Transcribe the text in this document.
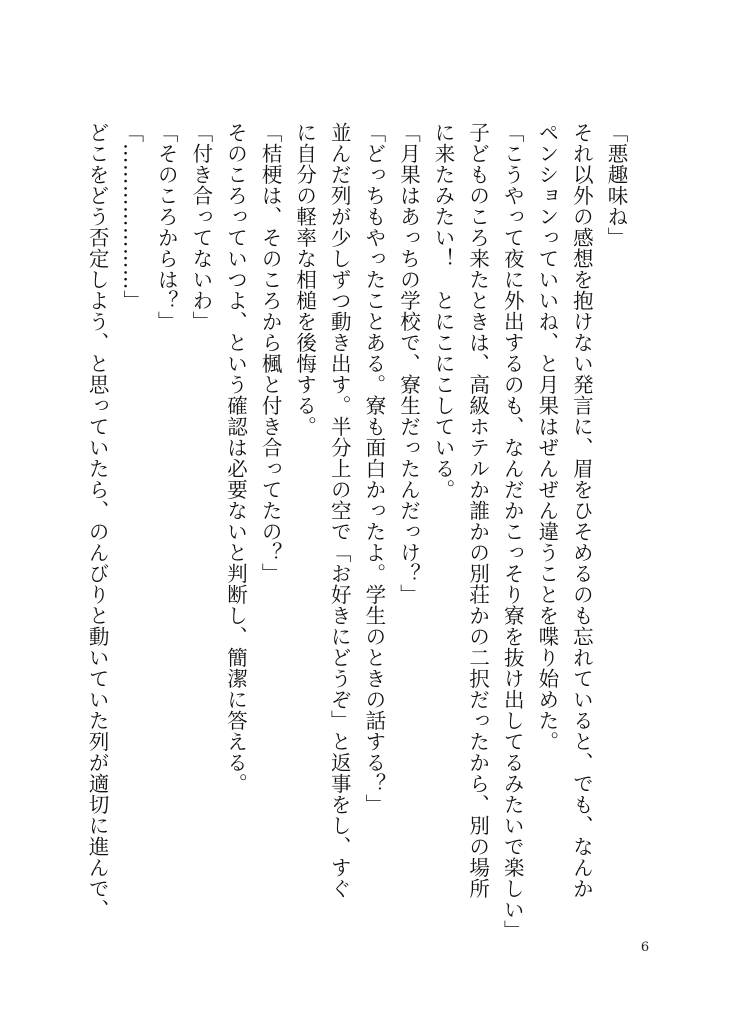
「悪趣味ね」
それ以外の感想を抱けない発言に、眉をひそめるのも忘れていると、でも、なんか
ペンションっていいね、と月果はぜんぜん違うことを喋り始めた。
「こうやって夜に外出するのも、なんだかこっそり寮を抜け出してるみたいで楽しい」
子どものころ来たときは、高級ホテルか誰かの別荘かの二択だったから、別の場所
に来たみたい！　とにこにこしている。
「月果はあっちの学校で、寮生だったんだっけ？」
「どっちもやったことある。寮も面白かったよ。学生のときの話する？」
並んだ列が少しずつ動き出す。半分上の空で「お好きにどうぞ」と返事をし、すぐ
に自分の軽率な相槌を後悔する。
「桔梗は、そのころから楓と付き合ってたの？」
そのころっていつよ、という確認は必要ないと判断し、簡潔に答える。
「付き合ってないわ」
「そのころからは？」
「…………………」
どこをどう否定しよう、と思っていたら、のんびりと動いていた列が適切に進んで、
6
